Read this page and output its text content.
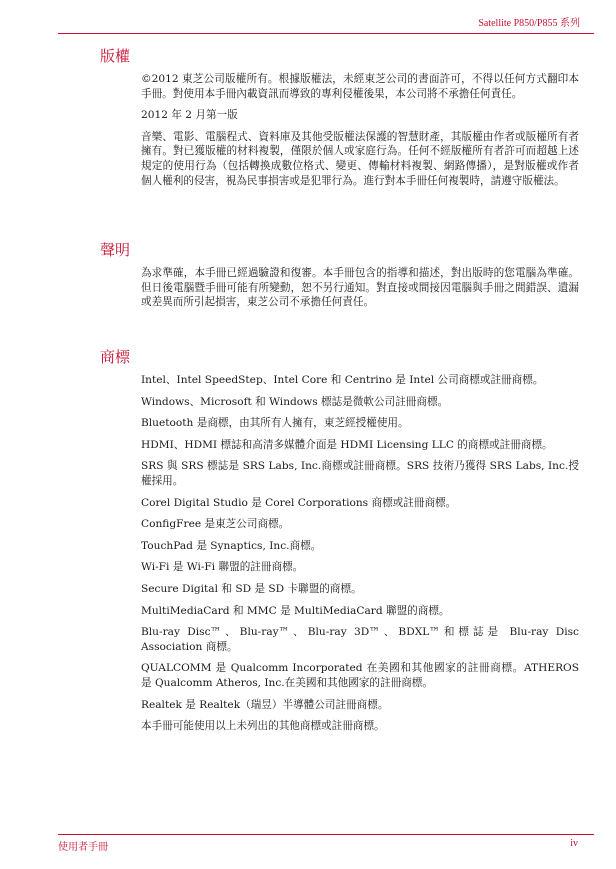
Satellite P850/P855 系列
版權

©2012 東芝公司版權所有。根據版權法，未經東芝公司的書面許可，不得以任何方式翻印本手冊。對使用本手冊內載資訊而導致的專利侵權後果，本公司將不承擔任何責任。

2012 年 2 月第一版

音樂、電影、電腦程式、資料庫及其他受版權法保護的智慧財產，其版權由作者或版權所有者擁有。對已獲版權的材料複製，僅限於個人或家庭行為。任何不經版權所有者許可而超越上述規定的使用行為（包括轉換成數位格式、變更、傳輸材料複製、網路傳播），是對版權或作者個人權利的侵害，視為民事損害或是犯罪行為。進行對本手冊任何複製時，請遵守版權法。

聲明

為求準確，本手冊已經過驗證和復審。本手冊包含的指導和描述，對出版時的您電腦為準確。但日後電腦暨手冊可能有所變動，恕不另行通知。對直接或間接因電腦與手冊之間錯誤、遺漏或差異而所引起損害，東芝公司不承擔任何責任。

商標

Intel、Intel SpeedStep、Intel Core 和 Centrino 是 Intel 公司商標或註冊商標。

Windows、Microsoft 和 Windows 標誌是微軟公司註冊商標。

Bluetooth 是商標，由其所有人擁有，東芝經授權使用。

HDMI、HDMI 標誌和高清多媒體介面是 HDMI Licensing LLC 的商標或註冊商標。

SRS 與 SRS 標誌是 SRS Labs, Inc.商標或註冊商標。SRS 技術乃獲得 SRS Labs, Inc.授權採用。

Corel Digital Studio 是 Corel Corporations 商標或註冊商標。

ConfigFree 是東芝公司商標。

TouchPad 是 Synaptics, Inc.商標。

Wi-Fi 是 Wi-Fi 聯盟的註冊商標。

Secure Digital 和 SD 是 SD 卡聯盟的商標。

MultiMediaCard 和 MMC 是 MultiMediaCard 聯盟的商標。

Blu-ray Disc™、Blu-ray™、Blu-ray 3D™、BDXL™和標誌是 Blu-ray Disc Association 商標。

QUALCOMM 是 Qualcomm Incorporated 在美國和其他國家的註冊商標。ATHEROS 是 Qualcomm Atheros, Inc.在美國和其他國家的註冊商標。

Realtek 是 Realtek（瑞昱）半導體公司註冊商標。

本手冊可能使用以上未列出的其他商標或註冊商標。

使用者手冊	iv
